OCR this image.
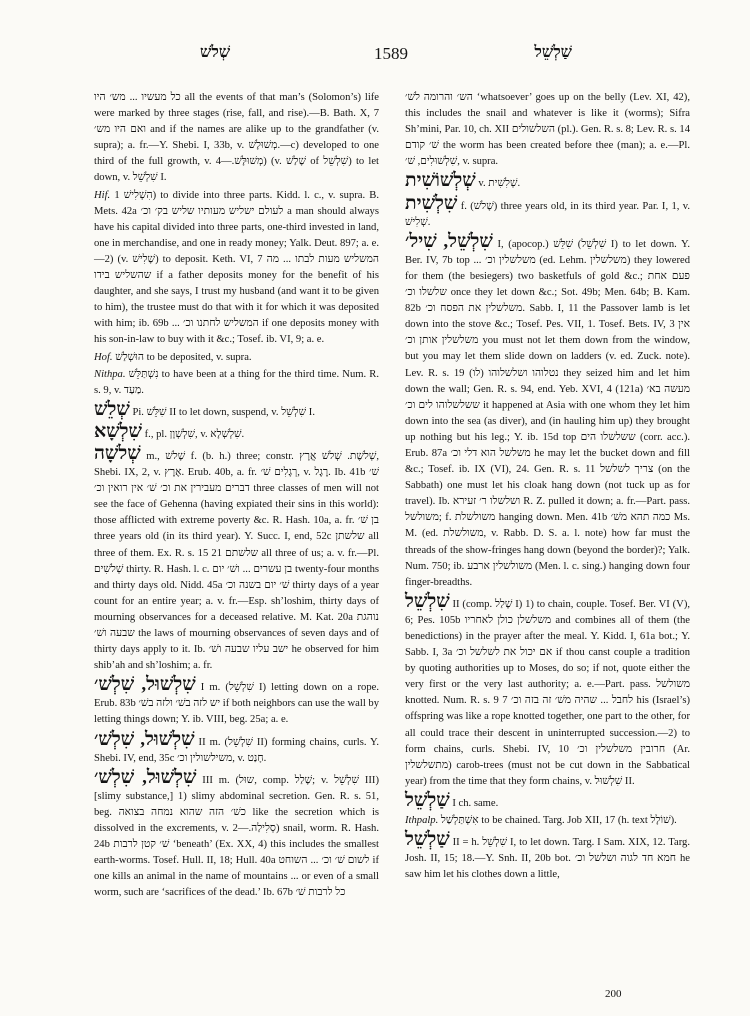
שְׁלֹשׁ	1589	שַׁלְשֵׁל

כל מעשיו ... מש׳ היו all the events of that man’s (Solomon’s) life were marked by three stages (rise, fall, and rise).—B. Bath. X, 7 ואם היו מש׳ and if the names are alike up to the grandfather (v. supra); a. fr.—Y. Shebi. I, 33b, v. מְשׁוּלָשׁ.—c) developed to one third of the full growth, v. מְשׁוּלָּשׁ.—4) (v. שָׁלַשׁ of שִׁלְשֵׁל) to let down, v. שִׁלְשֵׁל I.

Hif. הִשְׁלִישׁ 1) to divide into three parts. Kidd. l. c., v. supra. B. Mets. 42a לעולם ישליש מעותיו שליש בק׳ וכ׳ a man should always have his capital divided into three parts, one-third invested in land, one in merchandise, and one in ready money; Yalk. Deut. 897; a. e.—2) (v. שָׁלִישׁ) to deposit. Keth. VI, 7 המשליש מעות לבתו ... מה שהשליש בידו if a father deposits money for the benefit of his daughter, and she says, I trust my husband (and want it to be given to him), the trustee must do that with it for which it was deposited with him; ib. 69b ... המשליש לחתנו וכ׳ if one deposits money with his son-in-law to buy with it &c.; Tosef. ib. VI, 9; a. e.

Hof. הוּשְׁלַשׁ to be deposited, v. supra.

Nithpa. נִשְׁתַּלֵּשׁ to have been at a thing for the third time. Num. R. s. 9, v. מַעַד.

שְׁלֵשׁ Pi. שִׁלֵּשׁ II to let down, suspend, v. שִׁלְשֵׁל I.

שִׁלְשָׁא f., pl. שִׁלְשְׁוָן, v. שִׁלְשְׁלָא.

שְׁלשָׁה m., שָׁלשׁ f. (b. h.) three; constr. שְׁלשֶׁת. שְׁלשׁ אֲרָץ, Shebi. IX, 2, v. אֶרֶץ. Erub. 40b, a. fr. רְגָלִים שׁ׳, v. רֶגֶל. Ib. 41b שׁ׳ דברים מעבירין את וכ׳ שׁ׳ אין רואין וכ׳ three classes of men will not see the face of Gehenna (having expiated their sins in this world): those afflicted with extreme poverty &c. R. Hash. 10a, a. fr. בן שׁ׳ three years old (in its third year). Y. Succ. I, end, 52c שלשתן all three of them. Ex. R. s. 15 21 שלשתם all three of us; a. v. fr.—Pl. שְׁלשִׁים thirty. R. Hash. l. c. בן עשרים ... ושׁ׳ יום twenty-four months and thirty days old. Nidd. 45a שׁ׳ יום בשנה וכ׳ thirty days of a year count for an entire year; a. v. fr.—Esp. sh’loshim, thirty days of mourning observances for a deceased relative. M. Kat. 20a נוהגת שבעה ושׁ׳ the laws of mourning observances of seven days and of thirty days apply to it. Ib. ישב עליו שבעה ושׁ׳ he observed for him shib’ah and sh’loshim; a. fr.

שִׁלְשׁוּל, שִׁלְשׁ׳ I m. (שִׁלְשֵׁל I) letting down on a rope. Erub. 83b יש לזה בשׁ׳ ולזה בשׁ׳ if both neighbors can use the wall by letting things down; Y. ib. VIII, beg. 25a; a. e.

שִׁלְשׁוּל, שִׁלְשׁ׳ II m. (שִׁלְשֵׁל II) forming chains, curls. Y. Shebi. IV, end, 35c משילשולין וכ׳, v. חָנַט.

שִׁלְשׁוּל, שִׁלְשׁ׳ III m. (שוּל, comp. שָׁלַל; v. שִׁלְשֵׁל III) [slimy substance,] 1) slimy abdominal secretion. Gen. R. s. 51, beg. כשׁ׳ הזה שהוא נמחה בצואה like the secretion which is dissolved in the excrements, v. סְלִילַה.—2) snail, worm. R. Hash. 24b שׁ׳ קטן לרבות ‘beneath’ (Ex. XX, 4) this includes the smallest earth-worms. Tosef. Hull. II, 18; Hull. 40a לשום שׁ׳ וכ׳ ... השוחט if one kills an animal in the name of mountains ... or even of a small worm, such are ‘sacrifices of the dead.’ Ib. 67b כל לרבות שׁ׳

הש׳ והרומה לשׁ׳ ‘whatsoever’ goes up on the belly (Lev. XI, 42), this includes the snail and whatever is like it (worms); Sifra Sh’mini, Par. 10, ch. XII השלשולים (pl.). Gen. R. s. 8; Lev. R. s. 14 שׁ׳ קודם the worm has been created before thee (man); a. e.—Pl. שִׁלְשׁוּלִים, שׁ׳, v. supra.

שְׁלְשׁוֹשִׁית v. שְׁלִשִׁית.

שִׁלְשִׁית f. (שָׁלשׁ) three years old, in its third year. Par. I, 1, v. שְׁלִישׁ.

שִׁלְשֵׁל, שִׁיל׳ I, (apocop.) שִׁלֵּשׁ (שִׁלְשֵׁל I) to let down. Y. Ber. IV, 7b top ... משלשלין וכ׳ (ed. Lehm. משלשלין) they lowered for them (the besiegers) two basketfuls of gold &c.; פעם אחת שלשלו וכ׳ once they let down &c.; Sot. 49b; Men. 64b; B. Kam. 82b משלשלין את הפסח וכ׳. Sabb. I, 11 the Passover lamb is let down into the stove &c.; Tosef. Pes. VII, 1. Tosef. Bets. IV, 3 אין משלשלין אותן וכ׳ you must not let them down from the window, but you may let them slide down on ladders (v. ed. Zuck. note). Lev. R. s. 19 נטלוהו ושלשלוהו (לו) they seized him and let him down the wall; Gen. R. s. 94, end. Yeb. XVI, 4 (121a) מעשה בא׳ ששלשלוהו לים וכ׳ it happened at Asia with one whom they let him down into the sea (as diver), and (in hauling him up) they brought up nothing but his leg.; Y. ib. 15d top ששלשלו הים (corr. acc.). Erub. 87a משלשל הוא דלי וכ׳ he may let the bucket down and fill &c.; Tosef. ib. IX (VI), 24. Gen. R. s. 11 צריך לשלשל (on the Sabbath) one must let his cloak hang down (not tuck up as for travel). Ib. ושלשלו ר׳ זעירא R. Z. pulled it down; a. fr.—Part. pass. משולשל; f. משולשלת hanging down. Men. 41b כמה תהא משׁ׳ Ms. M. (ed. משולשלת, v. Rabb. D. S. a. l. note) how far must the threads of the show-fringes hang down (beyond the border)?; Yalk. Num. 750; ib. משולשלין ארבע (Men. l. c. sing.) hanging down four finger-breadths.

שִׁלְשֵׁל II (comp. שָׁלַל I) 1) to chain, couple. Tosef. Ber. VI (V), 6; Pes. 105b משלשלן כולן לאחריו and combines all of them (the benedictions) in the prayer after the meal. Y. Kidd. I, 61a bot.; Y. Sabb. I, 3a אם יכול את לשלשל וכ׳ if thou canst couple a tradition by quoting authorities up to Moses, do so; if not, quote either the very first or the very last authority; a. e.—Part. pass. משולשל knotted. Num. R. s. 9 7 לחבל ... שהיה משׁ׳ זה בזה וכ׳ his (Israel’s) offspring was like a rope knotted together, one part to the other, for all could trace their descent in uninterrupted succession.—2) to form chains, curls. Shebi. IV, 10 חרובין משלשלין וכ׳ (Ar. מתשלשלין) carob-trees (must not be cut down in the Sabbatical year) from the time that they form chains, v. שִׁלְשׁוּל II.

שַׁלְשֵׁל I ch. same.

Ithpalp. אִשְׁתַּלְשַׁל to be chained. Targ. Job XII, 17 (h. text שׁוֹלָל).

שַׁלְשֵׁל II = h. שִׁלְשֵׁל I, to let down. Targ. I Sam. XIX, 12. Targ. Josh. II, 15; 18.—Y. Snh. II, 20b bot. חמא חד לגוה ושלשל וכ׳ he saw him let his clothes down a little,

200
